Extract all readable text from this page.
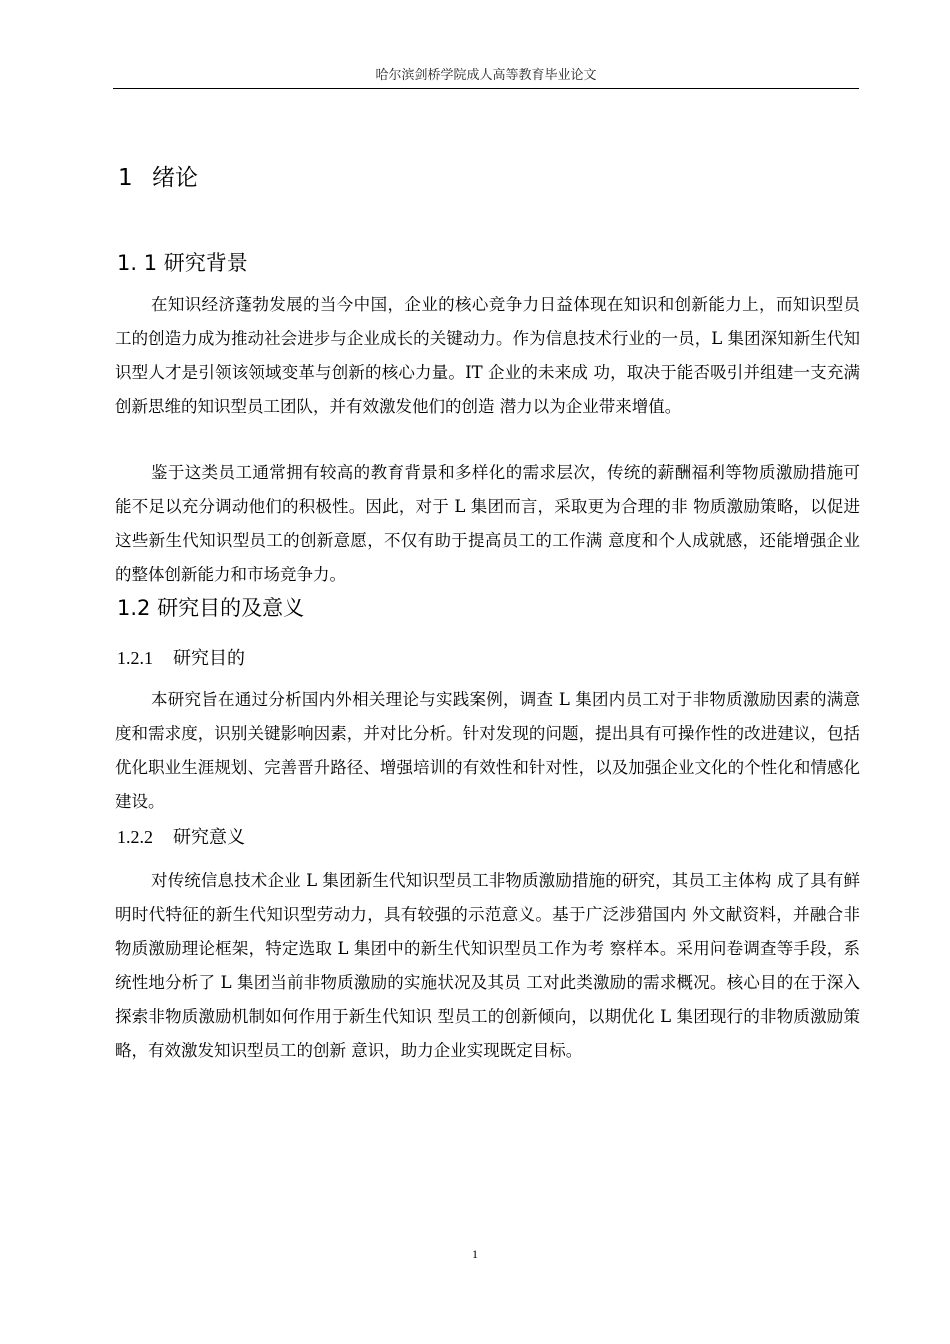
哈尔滨剑桥学院成人高等教育毕业论文
1 绪论
1. 1 研究背景

在知识经济蓬勃发展的当今中国，企业的核心竞争力日益体现在知识和创新能力上，而知识型员工的创造力成为推动社会进步与企业成长的关键动力。作为信息技术行业的一员，L 集团深知新生代知识型人才是引领该领域变革与创新的核心力量。IT 企业的未来成 功，取决于能否吸引并组建一支充满创新思维的知识型员工团队，并有效激发他们的创造 潜力以为企业带来增值。

鉴于这类员工通常拥有较高的教育背景和多样化的需求层次，传统的薪酬福利等物质激励措施可能不足以充分调动他们的积极性。因此，对于 L 集团而言，采取更为合理的非 物质激励策略，以促进这些新生代知识型员工的创新意愿，不仅有助于提高员工的工作满 意度和个人成就感，还能增强企业的整体创新能力和市场竞争力。

1.2 研究目的及意义
1.2.1 研究目的

本研究旨在通过分析国内外相关理论与实践案例，调查 L 集团内员工对于非物质激励因素的满意度和需求度，识别关键影响因素，并对比分析。针对发现的问题，提出具有可操作性的改进建议，包括优化职业生涯规划、完善晋升路径、增强培训的有效性和针对性，以及加强企业文化的个性化和情感化建设。

1.2.2 研究意义

对传统信息技术企业 L 集团新生代知识型员工非物质激励措施的研究，其员工主体构 成了具有鲜明时代特征的新生代知识型劳动力，具有较强的示范意义。基于广泛涉猎国内 外文献资料，并融合非物质激励理论框架，特定选取 L 集团中的新生代知识型员工作为考 察样本。采用问卷调查等手段，系统性地分析了 L 集团当前非物质激励的实施状况及其员 工对此类激励的需求概况。核心目的在于深入探索非物质激励机制如何作用于新生代知识 型员工的创新倾向，以期优化 L 集团现行的非物质激励策略，有效激发知识型员工的创新 意识，助力企业实现既定目标。

1
